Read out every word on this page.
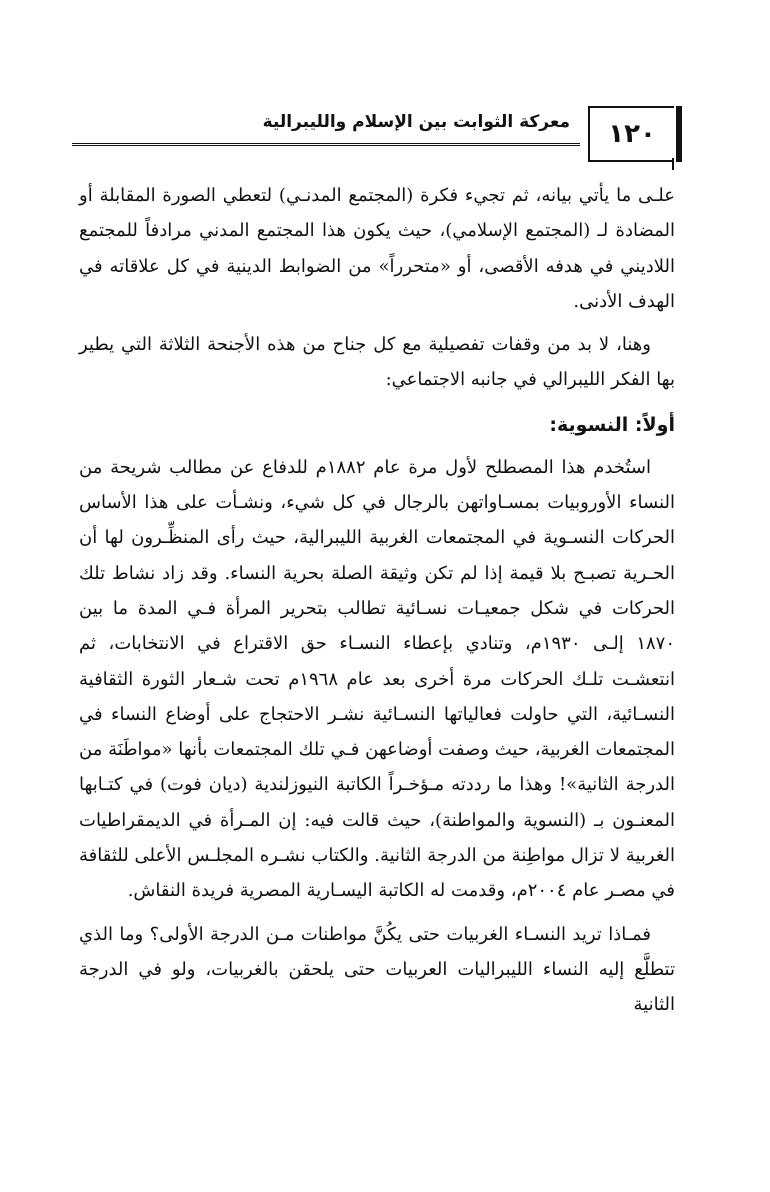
١٢٠
معركة الثوابت بين الإسلام والليبرالية

علـى ما يأتي بيانه، ثم تجيء فكرة (المجتمع المدنـي) لتعطي الصورة المقابلة أو المضادة لـ (المجتمع الإسلامي)، حيث يكون هذا المجتمع المدني مرادفاً للمجتمع اللاديني في هدفه الأقصى، أو «متحرراً» من الضوابط الدينية في كل علاقاته في الهدف الأدنى.

وهنا، لا بد من وقفات تفصيلية مع كل جناح من هذه الأجنحة الثلاثة التي يطير بها الفكر الليبرالي في جانبه الاجتماعي:

أولاً: النسوية:

استُخدم هذا المصطلح لأول مرة عام ١٨٨٢م للدفاع عن مطالب شريحة من النساء الأوروبيات بمسـاواتهن بالرجال في كل شيء، ونشـأت على هذا الأساس الحركات النسـوية في المجتمعات الغربية الليبرالية، حيث رأى المنظِّـرون لها أن الحـرية تصبـح بلا قيمة إذا لم تكن وثيقة الصلة بحرية النساء. وقد زاد نشاط تلك الحركات في شكل جمعيـات نسـائية تطالب بتحرير المرأة فـي المدة ما بين ١٨٧٠ إلـى ١٩٣٠م، وتنادي بإعطاء النسـاء حق الاقتراع في الانتخابات، ثم انتعشـت تلـك الحركات مرة أخرى بعد عام ١٩٦٨م تحت شـعار الثورة الثقافية النسـائية، التي حاولت فعالياتها النسـائية نشـر الاحتجاج على أوضاع النساء في المجتمعات الغربية، حيث وصفت أوضاعهن فـي تلك المجتمعات بأنها «مواطَنَة من الدرجة الثانية»! وهذا ما رددته مـؤخـراً الكاتبة النيوزلندية (ديان فوت) في كتـابها المعنـون بـ (النسوية والمواطنة)، حيث قالت فيه: إن المـرأة في الديمقراطيات الغربية لا تزال مواطِنة من الدرجة الثانية. والكتاب نشـره المجلـس الأعلى للثقافة في مصـر عام ٢٠٠٤م، وقدمت له الكاتبة اليسـارية المصرية فريدة النقاش.

فمـاذا تريد النسـاء الغربيات حتى يكُنَّ مواطنات مـن الدرجة الأولى؟ وما الذي تتطلَّع إليه النساء الليبراليات العربيات حتى يلحقن بالغربيات، ولو في الدرجة الثانية
